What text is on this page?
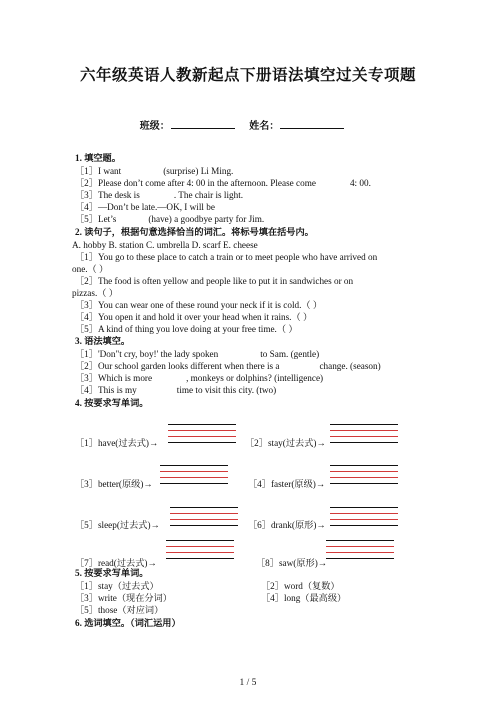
六年级英语人教新起点下册语法填空过关专项题
班级：	姓名：
1. 填空题。
［1］I want	(surprise) Li Ming.
［2］Please don’t come after 4: 00 in the afternoon. Please come	4: 00.
［3］The desk is	. The chair is light.
［4］—Don’t be late.—OK, I will be
［5］Let’s	(have) a goodbye party for Jim.
2. 读句子，根据句意选择恰当的词汇。将标号填在括号内。
A. hobby B. station C. umbrella D. scarf E. cheese
［1］You go to these place to catch a train or to meet people who have arrived on
one.（ ）
［2］The food is often yellow and people like to put it in sandwiches or on
pizzas.（ ）
［3］You can wear one of these round your neck if it is cold.（ ）
［4］You open it and hold it over your head when it rains.（ ）
［5］A kind of thing you love doing at your free time.（ ）
3. 语法填空。
［1］'Don"t cry, boy!' the lady spoken	to Sam. (gentle)
［2］Our school garden looks different when there is a	change. (season)
［3］Which is more	, monkeys or dolphins? (intelligence)
［4］This is my	time to visit this city. (two)
4. 按要求写单词。
［1］have(过去式)→	［2］stay(过去式)→
［3］better(原级)→	［4］faster(原级)→
［5］sleep(过去式)→	［6］drank(原形)→
［7］read(过去式)→	［8］saw(原形)→
5. 按要求写单词。
［1］stay（过去式）	［2］word（复数）
［3］write（现在分词）	［4］long（最高级）
［5］those（对应词）
6. 选词填空。（词汇运用）
1 / 5
